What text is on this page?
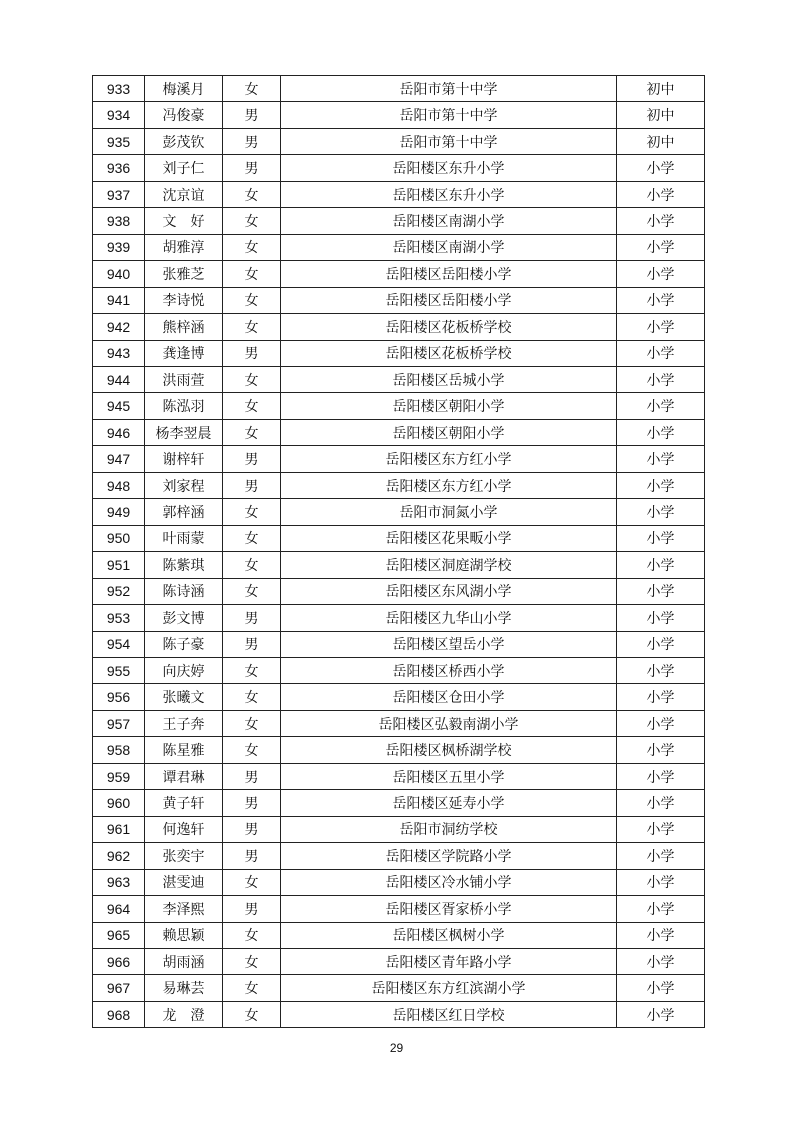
933	梅溪月	女	岳阳市第十中学	初中
934	冯俊豪	男	岳阳市第十中学	初中
935	彭茂钦	男	岳阳市第十中学	初中
936	刘子仁	男	岳阳楼区东升小学	小学
937	沈京谊	女	岳阳楼区东升小学	小学
938	文　好	女	岳阳楼区南湖小学	小学
939	胡雅淳	女	岳阳楼区南湖小学	小学
940	张雅芝	女	岳阳楼区岳阳楼小学	小学
941	李诗悦	女	岳阳楼区岳阳楼小学	小学
942	熊梓涵	女	岳阳楼区花板桥学校	小学
943	龚逢博	男	岳阳楼区花板桥学校	小学
944	洪雨萱	女	岳阳楼区岳城小学	小学
945	陈泓羽	女	岳阳楼区朝阳小学	小学
946	杨李翌晨	女	岳阳楼区朝阳小学	小学
947	谢梓轩	男	岳阳楼区东方红小学	小学
948	刘家程	男	岳阳楼区东方红小学	小学
949	郭梓涵	女	岳阳市洞氮小学	小学
950	叶雨蒙	女	岳阳楼区花果畈小学	小学
951	陈紫琪	女	岳阳楼区洞庭湖学校	小学
952	陈诗涵	女	岳阳楼区东风湖小学	小学
953	彭文博	男	岳阳楼区九华山小学	小学
954	陈子豪	男	岳阳楼区望岳小学	小学
955	向庆婷	女	岳阳楼区桥西小学	小学
956	张曦文	女	岳阳楼区仓田小学	小学
957	王子奔	女	岳阳楼区弘毅南湖小学	小学
958	陈星雅	女	岳阳楼区枫桥湖学校	小学
959	谭君琳	男	岳阳楼区五里小学	小学
960	黄子轩	男	岳阳楼区延寿小学	小学
961	何逸轩	男	岳阳市洞纺学校	小学
962	张奕宇	男	岳阳楼区学院路小学	小学
963	湛雯迪	女	岳阳楼区冷水铺小学	小学
964	李泽熙	男	岳阳楼区胥家桥小学	小学
965	赖思颖	女	岳阳楼区枫树小学	小学
966	胡雨涵	女	岳阳楼区青年路小学	小学
967	易琳芸	女	岳阳楼区东方红滨湖小学	小学
968	龙　澄	女	岳阳楼区红日学校	小学
29
